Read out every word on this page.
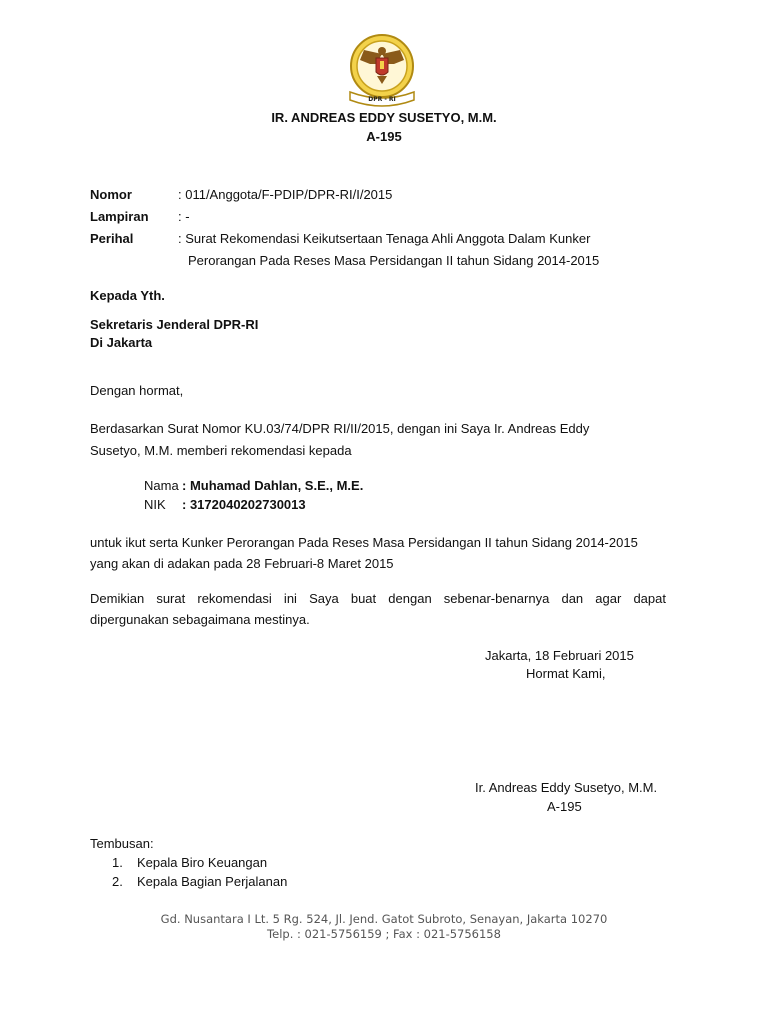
DPR - RI
IR. ANDREAS EDDY SUSETYO, M.M.
A-195
Nomor	: 011/Anggota/F-PDIP/DPR-RI/I/2015
Lampiran : -
Perihal	: Surat Rekomendasi Keikutsertaan Tenaga Ahli Anggota Dalam Kunker
Perorangan Pada Reses Masa Persidangan II tahun Sidang 2014-2015
Kepada Yth.
Sekretaris Jenderal DPR-RI
Di Jakarta
Dengan hormat,
Berdasarkan Surat Nomor KU.03/74/DPR RI/II/2015, dengan ini Saya Ir. Andreas Eddy
Susetyo, M.M. memberi rekomendasi kepada
Nama : Muhamad Dahlan, S.E., M.E.
NIK : 3172040202730013
untuk ikut serta Kunker Perorangan Pada Reses Masa Persidangan II tahun Sidang 2014-2015
yang akan di adakan pada 28 Februari-8 Maret 2015
Demikian surat rekomendasi ini Saya buat dengan sebenar-benarnya dan agar dapat
dipergunakan sebagaimana mestinya.
Jakarta, 18 Februari 2015
Hormat Kami,
Ir. Andreas Eddy Susetyo, M.M.
A-195
Tembusan:
1. Kepala Biro Keuangan
2. Kepala Bagian Perjalanan
Gd. Nusantara I Lt. 5 Rg. 524, Jl. Jend. Gatot Subroto, Senayan, Jakarta 10270
Telp. : 021-5756159 ; Fax : 021-5756158
